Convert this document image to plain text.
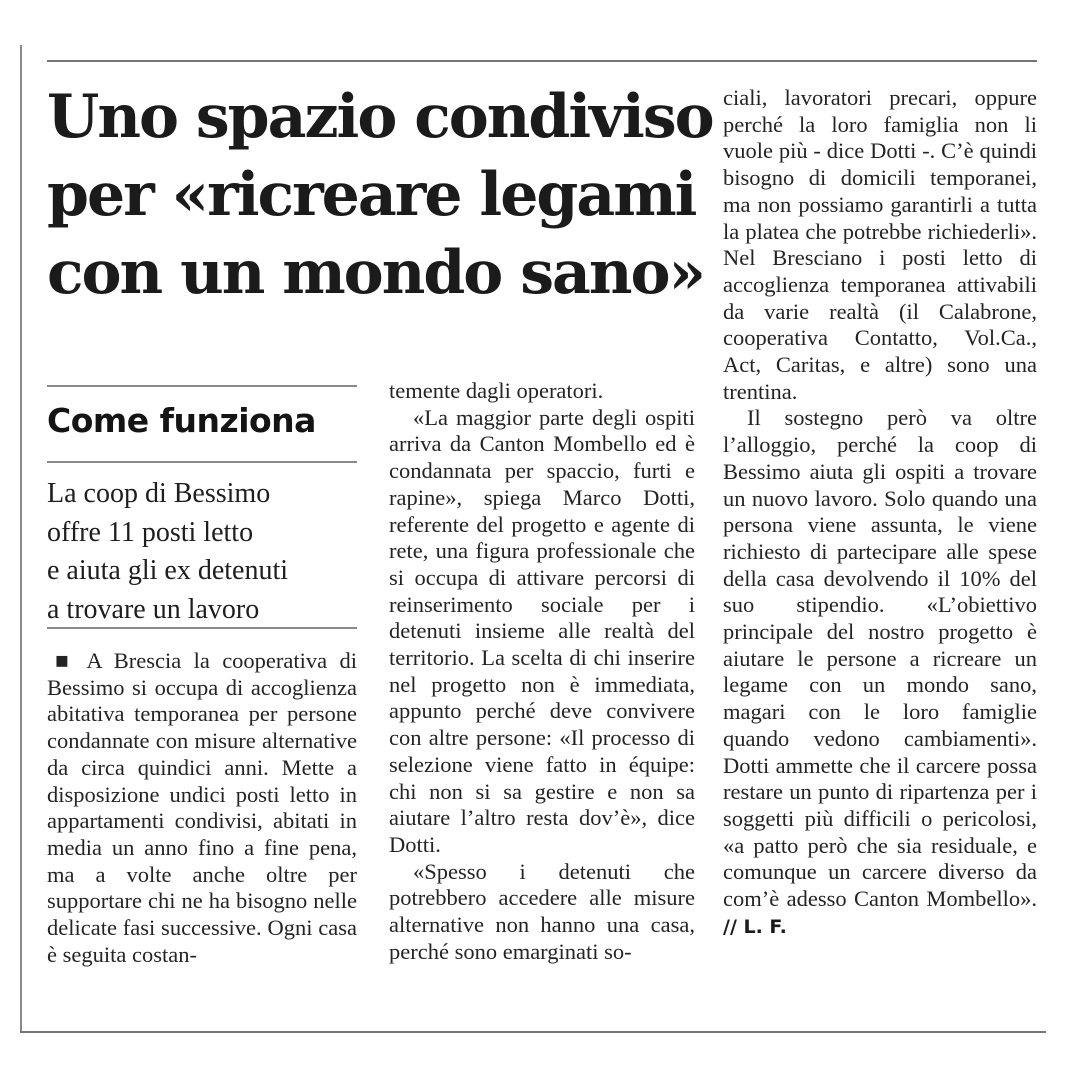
Uno spazio condiviso
per «ricreare legami
con un mondo sano»
Come funziona
La coop di Bessimo
offre 11 posti letto
e aiuta gli ex detenuti
a trovare un lavoro

■ A Brescia la cooperativa di Bessimo si occupa di accoglienza abitativa temporanea per persone condannate con misure alternative da circa quindici anni. Mette a disposizione undici posti letto in appartamenti condivisi, abitati in media un anno fino a fine pena, ma a volte anche oltre per supportare chi ne ha bisogno nelle delicate fasi successive. Ogni casa è seguita costan-

temente dagli operatori.

«La maggior parte degli ospiti arriva da Canton Mombello ed è condannata per spaccio, furti e rapine», spiega Marco Dotti, referente del progetto e agente di rete, una figura professionale che si occupa di attivare percorsi di reinserimento sociale per i detenuti insieme alle realtà del territorio. La scelta di chi inserire nel progetto non è immediata, appunto perché deve convivere con altre persone: «Il processo di selezione viene fatto in équipe: chi non si sa gestire e non sa aiutare l’altro resta dov’è», dice Dotti.

«Spesso i detenuti che potrebbero accedere alle misure alternative non hanno una casa, perché sono emarginati so-

ciali, lavoratori precari, oppure perché la loro famiglia non li vuole più - dice Dotti -. C’è quindi bisogno di domicili temporanei, ma non possiamo garantirli a tutta la platea che potrebbe richiederli». Nel Bresciano i posti letto di accoglienza temporanea attivabili da varie realtà (il Calabrone, cooperativa Contatto, Vol.Ca., Act, Caritas, e altre) sono una trentina.

Il sostegno però va oltre l’alloggio, perché la coop di Bessimo aiuta gli ospiti a trovare un nuovo lavoro. Solo quando una persona viene assunta, le viene richiesto di partecipare alle spese della casa devolvendo il 10% del suo stipendio. «L’obiettivo principale del nostro progetto è aiutare le persone a ricreare un legame con un mondo sano, magari con le loro famiglie quando vedono cambiamenti». Dotti ammette che il carcere possa restare un punto di ripartenza per i soggetti più difficili o pericolosi, «a patto però che sia residuale, e comunque un carcere diverso da com’è adesso Canton Mombello». // L. F.
